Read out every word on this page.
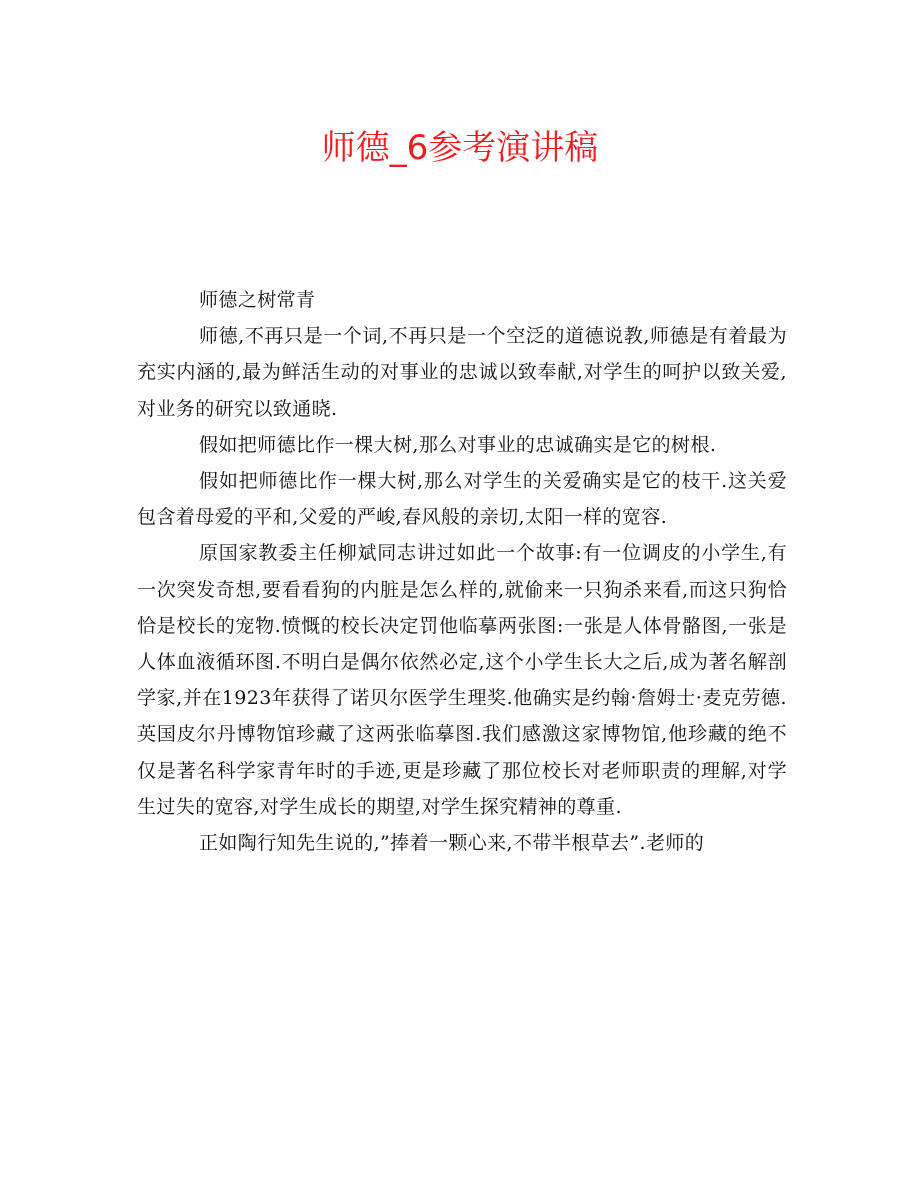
师德_6参考演讲稿

师德之树常青

师德,不再只是一个词,不再只是一个空泛的道德说教,师德是有着最为充实内涵的,最为鲜活生动的对事业的忠诚以致奉献,对学生的呵护以致关爱,对业务的研究以致通晓.

假如把师德比作一棵大树,那么对事业的忠诚确实是它的树根.

假如把师德比作一棵大树,那么对学生的关爱确实是它的枝干.这关爱包含着母爱的平和,父爱的严峻,春风般的亲切,太阳一样的宽容.

原国家教委主任柳斌同志讲过如此一个故事:有一位调皮的小学生,有一次突发奇想,要看看狗的内脏是怎么样的,就偷来一只狗杀来看,而这只狗恰恰是校长的宠物.愤慨的校长决定罚他临摹两张图:一张是人体骨骼图,一张是人体血液循环图.不明白是偶尔依然必定,这个小学生长大之后,成为著名解剖学家,并在1923年获得了诺贝尔医学生理奖.他确实是约翰·詹姆士·麦克劳德.英国皮尔丹博物馆珍藏了这两张临摹图.我们感激这家博物馆,他珍藏的绝不仅是著名科学家青年时的手迹,更是珍藏了那位校长对老师职责的理解,对学生过失的宽容,对学生成长的期望,对学生探究精神的尊重.

正如陶行知先生说的,”捧着一颗心来,不带半根草去”.老师的
